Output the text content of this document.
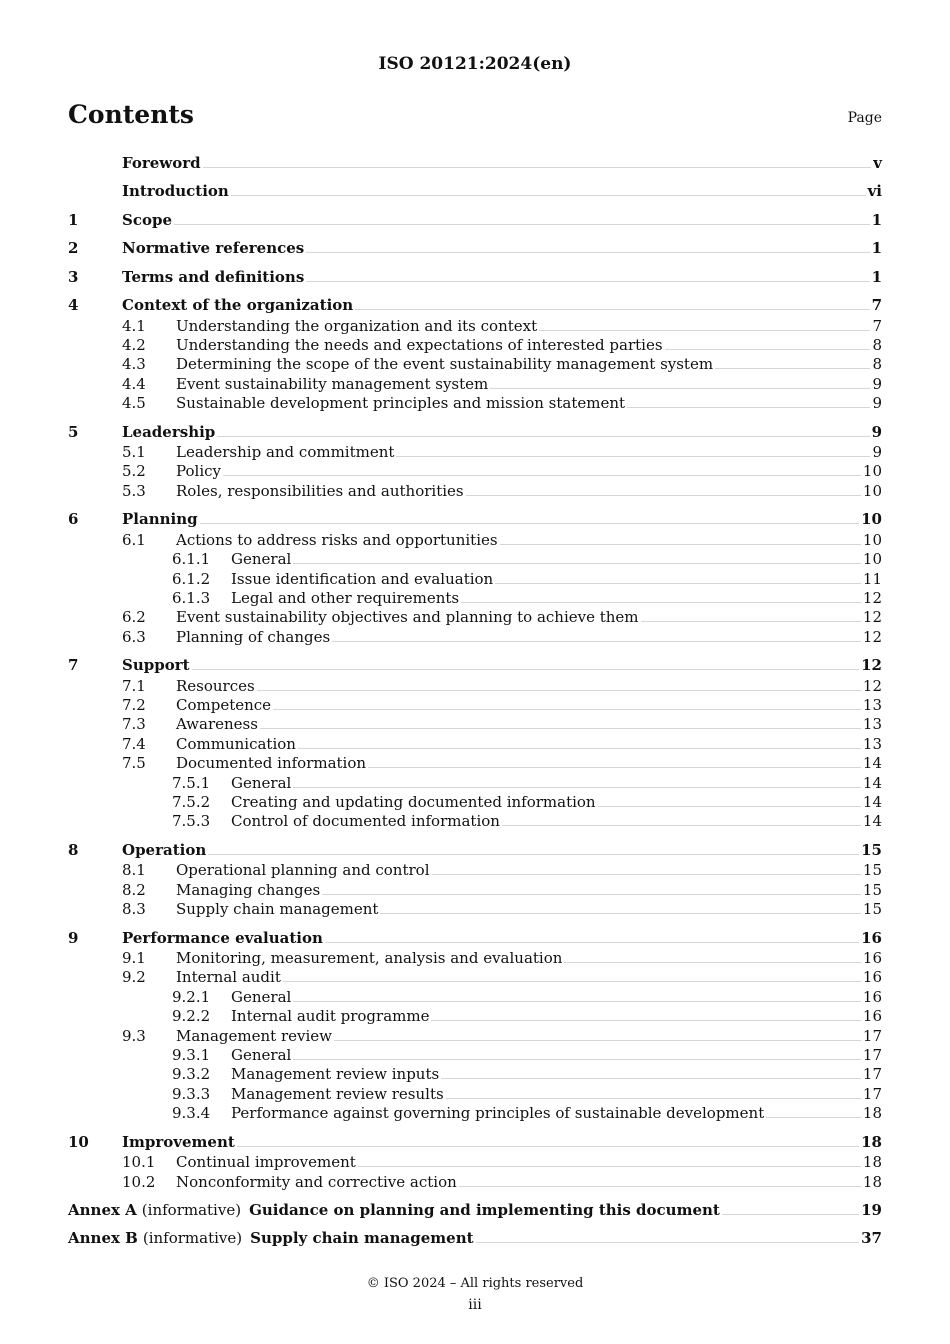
ISO 20121:2024(en)
Contents	Page
Foreword	v
Introduction	vi
1	Scope	1
2	Normative references	1
3	Terms and definitions	1
4	Context of the organization	7
4.1	Understanding the organization and its context	7
4.2	Understanding the needs and expectations of interested parties	8
4.3	Determining the scope of the event sustainability management system	8
4.4	Event sustainability management system	9
4.5	Sustainable development principles and mission statement	9
5	Leadership	9
5.1	Leadership and commitment	9
5.2	Policy	10
5.3	Roles, responsibilities and authorities	10
6	Planning	10
6.1	Actions to address risks and opportunities	10
6.1.1	General	10
6.1.2	Issue identification and evaluation	11
6.1.3	Legal and other requirements	12
6.2	Event sustainability objectives and planning to achieve them	12
6.3	Planning of changes	12
7	Support	12
7.1	Resources	12
7.2	Competence	13
7.3	Awareness	13
7.4	Communication	13
7.5	Documented information	14
7.5.1	General	14
7.5.2	Creating and updating documented information	14
7.5.3	Control of documented information	14
8	Operation	15
8.1	Operational planning and control	15
8.2	Managing changes	15
8.3	Supply chain management	15
9	Performance evaluation	16
9.1	Monitoring, measurement, analysis and evaluation	16
9.2	Internal audit	16
9.2.1	General	16
9.2.2	Internal audit programme	16
9.3	Management review	17
9.3.1	General	17
9.3.2	Management review inputs	17
9.3.3	Management review results	17
9.3.4	Performance against governing principles of sustainable development	18
10	Improvement	18
10.1	Continual improvement	18
10.2	Nonconformity and corrective action	18
Annex A (informative) Guidance on planning and implementing this document	19
Annex B (informative) Supply chain management	37
© ISO 2024 – All rights reserved
iii
